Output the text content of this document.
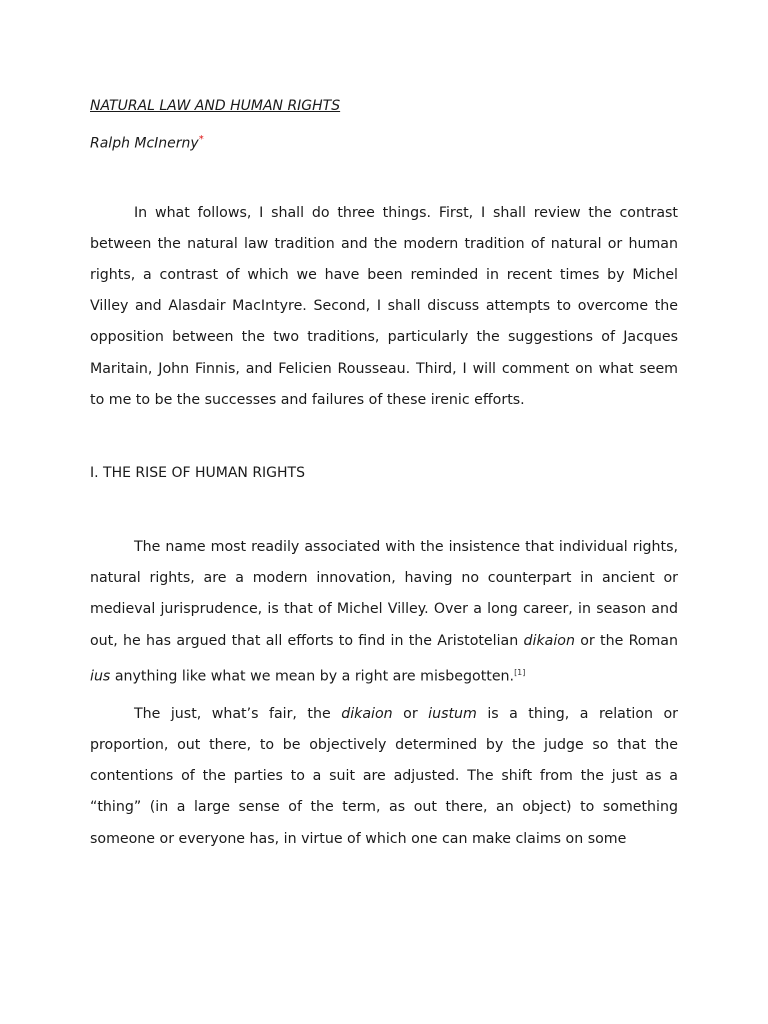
NATURAL LAW AND HUMAN RIGHTS

Ralph McInerny*

In what follows, I shall do three things. First, I shall review the contrast between the natural law tradition and the modern tradition of natural or human rights, a contrast of which we have been reminded in recent times by Michel Villey and Alasdair MacIntyre. Second, I shall discuss attempts to overcome the opposition between the two traditions, particularly the suggestions of Jacques Maritain, John Finnis, and Felicien Rousseau. Third, I will comment on what seem to me to be the successes and failures of these irenic efforts.

I. THE RISE OF HUMAN RIGHTS

The name most readily associated with the insistence that individual rights, natural rights, are a modern innovation, having no counterpart in ancient or medieval jurisprudence, is that of Michel Villey. Over a long career, in season and out, he has argued that all efforts to find in the Aristotelian dikaion or the Roman ius anything like what we mean by a right are misbegotten.[1]

The just, what’s fair, the dikaion or iustum is a thing, a relation or proportion, out there, to be objectively determined by the judge so that the contentions of the parties to a suit are adjusted. The shift from the just as a “thing” (in a large sense of the term, as out there, an object) to something someone or everyone has, in virtue of which one can make claims on some
